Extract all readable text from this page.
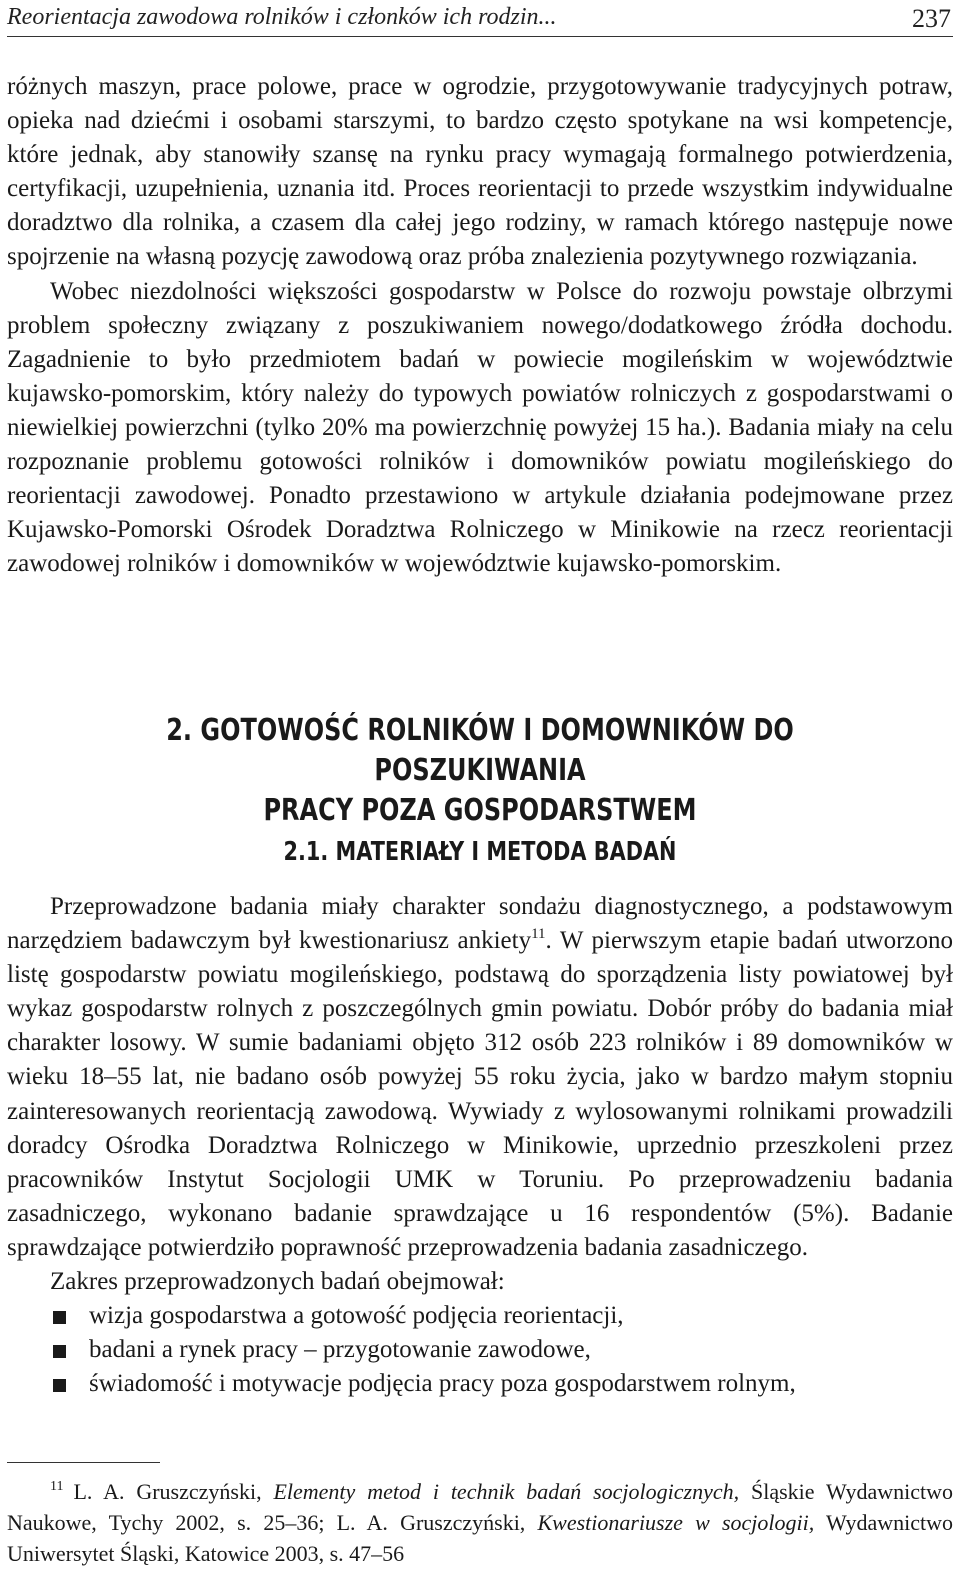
Reorientacja zawodowa rolników i członków ich rodzin...	237

różnych maszyn, prace polowe, prace w ogrodzie, przygotowywanie tradycyjnych potraw, opieka nad dziećmi i osobami starszymi, to bardzo często spotykane na wsi kompetencje, które jednak, aby stanowiły szansę na rynku pracy wymagają formalnego potwierdzenia, certyfikacji, uzupełnienia, uznania itd. Proces reorientacji to przede wszystkim indywidualne doradztwo dla rolnika, a czasem dla całej jego rodziny, w ramach którego następuje nowe spojrzenie na własną pozycję zawodową oraz próba znalezienia pozytywnego rozwiązania.

Wobec niezdolności większości gospodarstw w Polsce do rozwoju powstaje olbrzymi problem społeczny związany z poszukiwaniem nowego/dodatkowego źródła dochodu. Zagadnienie to było przedmiotem badań w powiecie mogileńskim w województwie kujawsko-pomorskim, który należy do typowych powiatów rolniczych z gospodarstwami o niewielkiej powierzchni (tylko 20% ma powierzchnię powyżej 15 ha.). Badania miały na celu rozpoznanie problemu gotowości rolników i domowników powiatu mogileńskiego do reorientacji zawodowej. Ponadto przestawiono w artykule działania podejmowane przez Kujawsko-Pomorski Ośrodek Doradztwa Rolniczego w Minikowie na rzecz reorientacji zawodowej rolników i domowników w województwie kujawsko-pomorskim.

2. GOTOWOŚĆ ROLNIKÓW I DOMOWNIKÓW DO POSZUKIWANIA
PRACY POZA GOSPODARSTWEM
2.1. MATERIAŁY I METODA BADAŃ

Przeprowadzone badania miały charakter sondażu diagnostycznego, a podstawowym narzędziem badawczym był kwestionariusz ankiety$^{11}$. W pierwszym etapie badań utworzono listę gospodarstw powiatu mogileńskiego, podstawą do sporządzenia listy powiatowej był wykaz gospodarstw rolnych z poszczególnych gmin powiatu. Dobór próby do badania miał charakter losowy. W sumie badaniami objęto 312 osób 223 rolników i 89 domowników w wieku 18–55 lat, nie badano osób powyżej 55 roku życia, jako w bardzo małym stopniu zainteresowanych reorientacją zawodową. Wywiady z wylosowanymi rolnikami prowadzili doradcy Ośrodka Doradztwa Rolniczego w Minikowie, uprzednio przeszkoleni przez pracowników Instytut Socjologii UMK w Toruniu. Po przeprowadzeniu badania zasadniczego, wykonano badanie sprawdzające u 16 respondentów (5%). Badanie sprawdzające potwierdziło poprawność przeprowadzenia badania zasadniczego.

Zakres przeprowadzonych badań obejmował:

wizja gospodarstwa a gotowość podjęcia reorientacji,
badani a rynek pracy – przygotowanie zawodowe,
świadomość i motywacje podjęcia pracy poza gospodarstwem rolnym,

$^{11}$ L. A. Gruszczyński, Elementy metod i technik badań socjologicznych, Śląskie Wydawnictwo Naukowe, Tychy 2002, s. 25–36; L. A. Gruszczyński, Kwestionariusze w socjologii, Wydawnictwo Uniwersytet Śląski, Katowice 2003, s. 47–56
